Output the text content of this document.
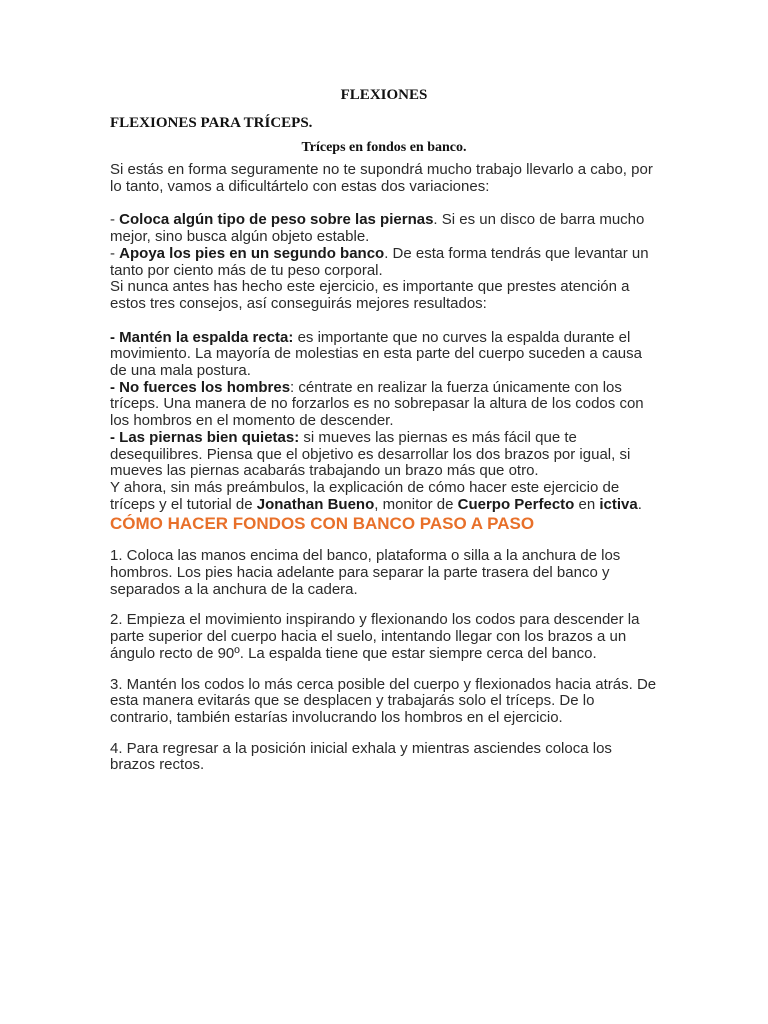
FLEXIONES
FLEXIONES PARA TRÍCEPS.
Tríceps en fondos en banco.

Si estás en forma seguramente no te supondrá mucho trabajo llevarlo a cabo, por lo tanto, vamos a dificultártelo con estas dos variaciones:

- Coloca algún tipo de peso sobre las piernas. Si es un disco de barra mucho mejor, sino busca algún objeto estable.

- Apoya los pies en un segundo banco. De esta forma tendrás que levantar un tanto por ciento más de tu peso corporal.

Si nunca antes has hecho este ejercicio, es importante que prestes atención a estos tres consejos, así conseguirás mejores resultados:

- Mantén la espalda recta: es importante que no curves la espalda durante el movimiento. La mayoría de molestias en esta parte del cuerpo suceden a causa de una mala postura.

- No fuerces los hombres: céntrate en realizar la fuerza únicamente con los tríceps. Una manera de no forzarlos es no sobrepasar la altura de los codos con los hombros en el momento de descender.

- Las piernas bien quietas: si mueves las piernas es más fácil que te desequilibres. Piensa que el objetivo es desarrollar los dos brazos por igual, si mueves las piernas acabarás trabajando un brazo más que otro.

Y ahora, sin más preámbulos, la explicación de cómo hacer este ejercicio de tríceps y el tutorial de Jonathan Bueno, monitor de Cuerpo Perfecto en ictiva.

CÓMO HACER FONDOS CON BANCO PASO A PASO

1. Coloca las manos encima del banco, plataforma o silla a la anchura de los hombros. Los pies hacia adelante para separar la parte trasera del banco y separados a la anchura de la cadera.

2. Empieza el movimiento inspirando y flexionando los codos para descender la parte superior del cuerpo hacia el suelo, intentando llegar con los brazos a un ángulo recto de 90º. La espalda tiene que estar siempre cerca del banco.

3. Mantén los codos lo más cerca posible del cuerpo y flexionados hacia atrás. De esta manera evitarás que se desplacen y trabajarás solo el tríceps. De lo contrario, también estarías involucrando los hombros en el ejercicio.

4. Para regresar a la posición inicial exhala y mientras asciendes coloca los brazos rectos.
